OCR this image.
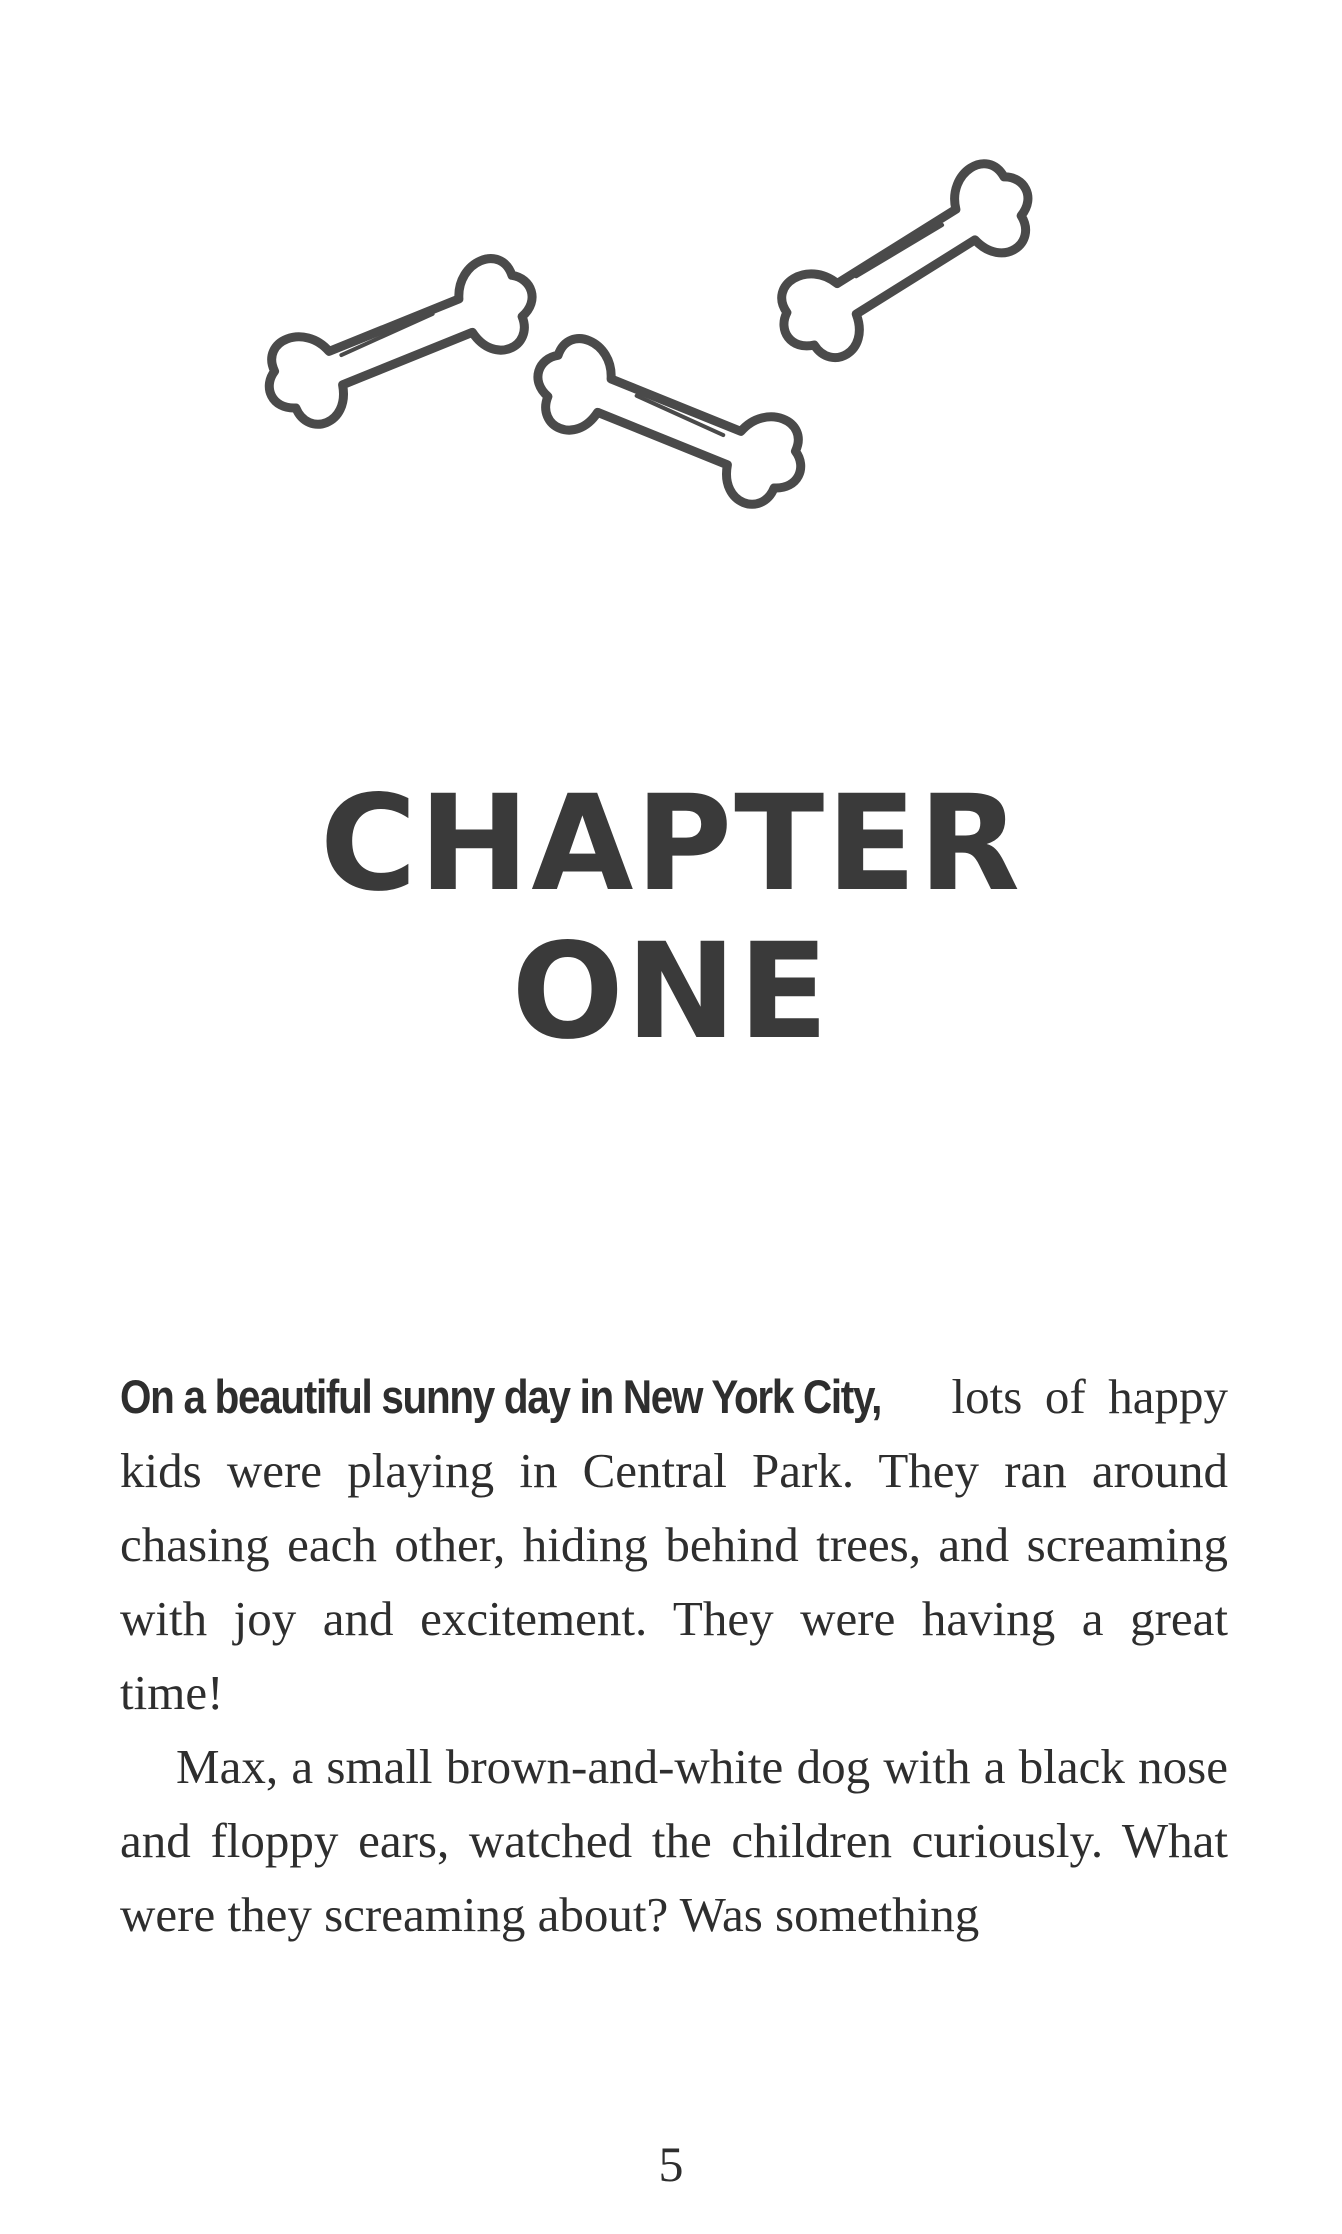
CHAPTER
ONE

On a beautiful sunny day in New York City, lots of happy kids were playing in Central Park. They ran around chasing each other, hiding behind trees, and screaming with joy and excitement. They were having a great time!

Max, a small brown-and-white dog with a black nose and floppy ears, watched the children curiously. What were they screaming about? Was something

5
